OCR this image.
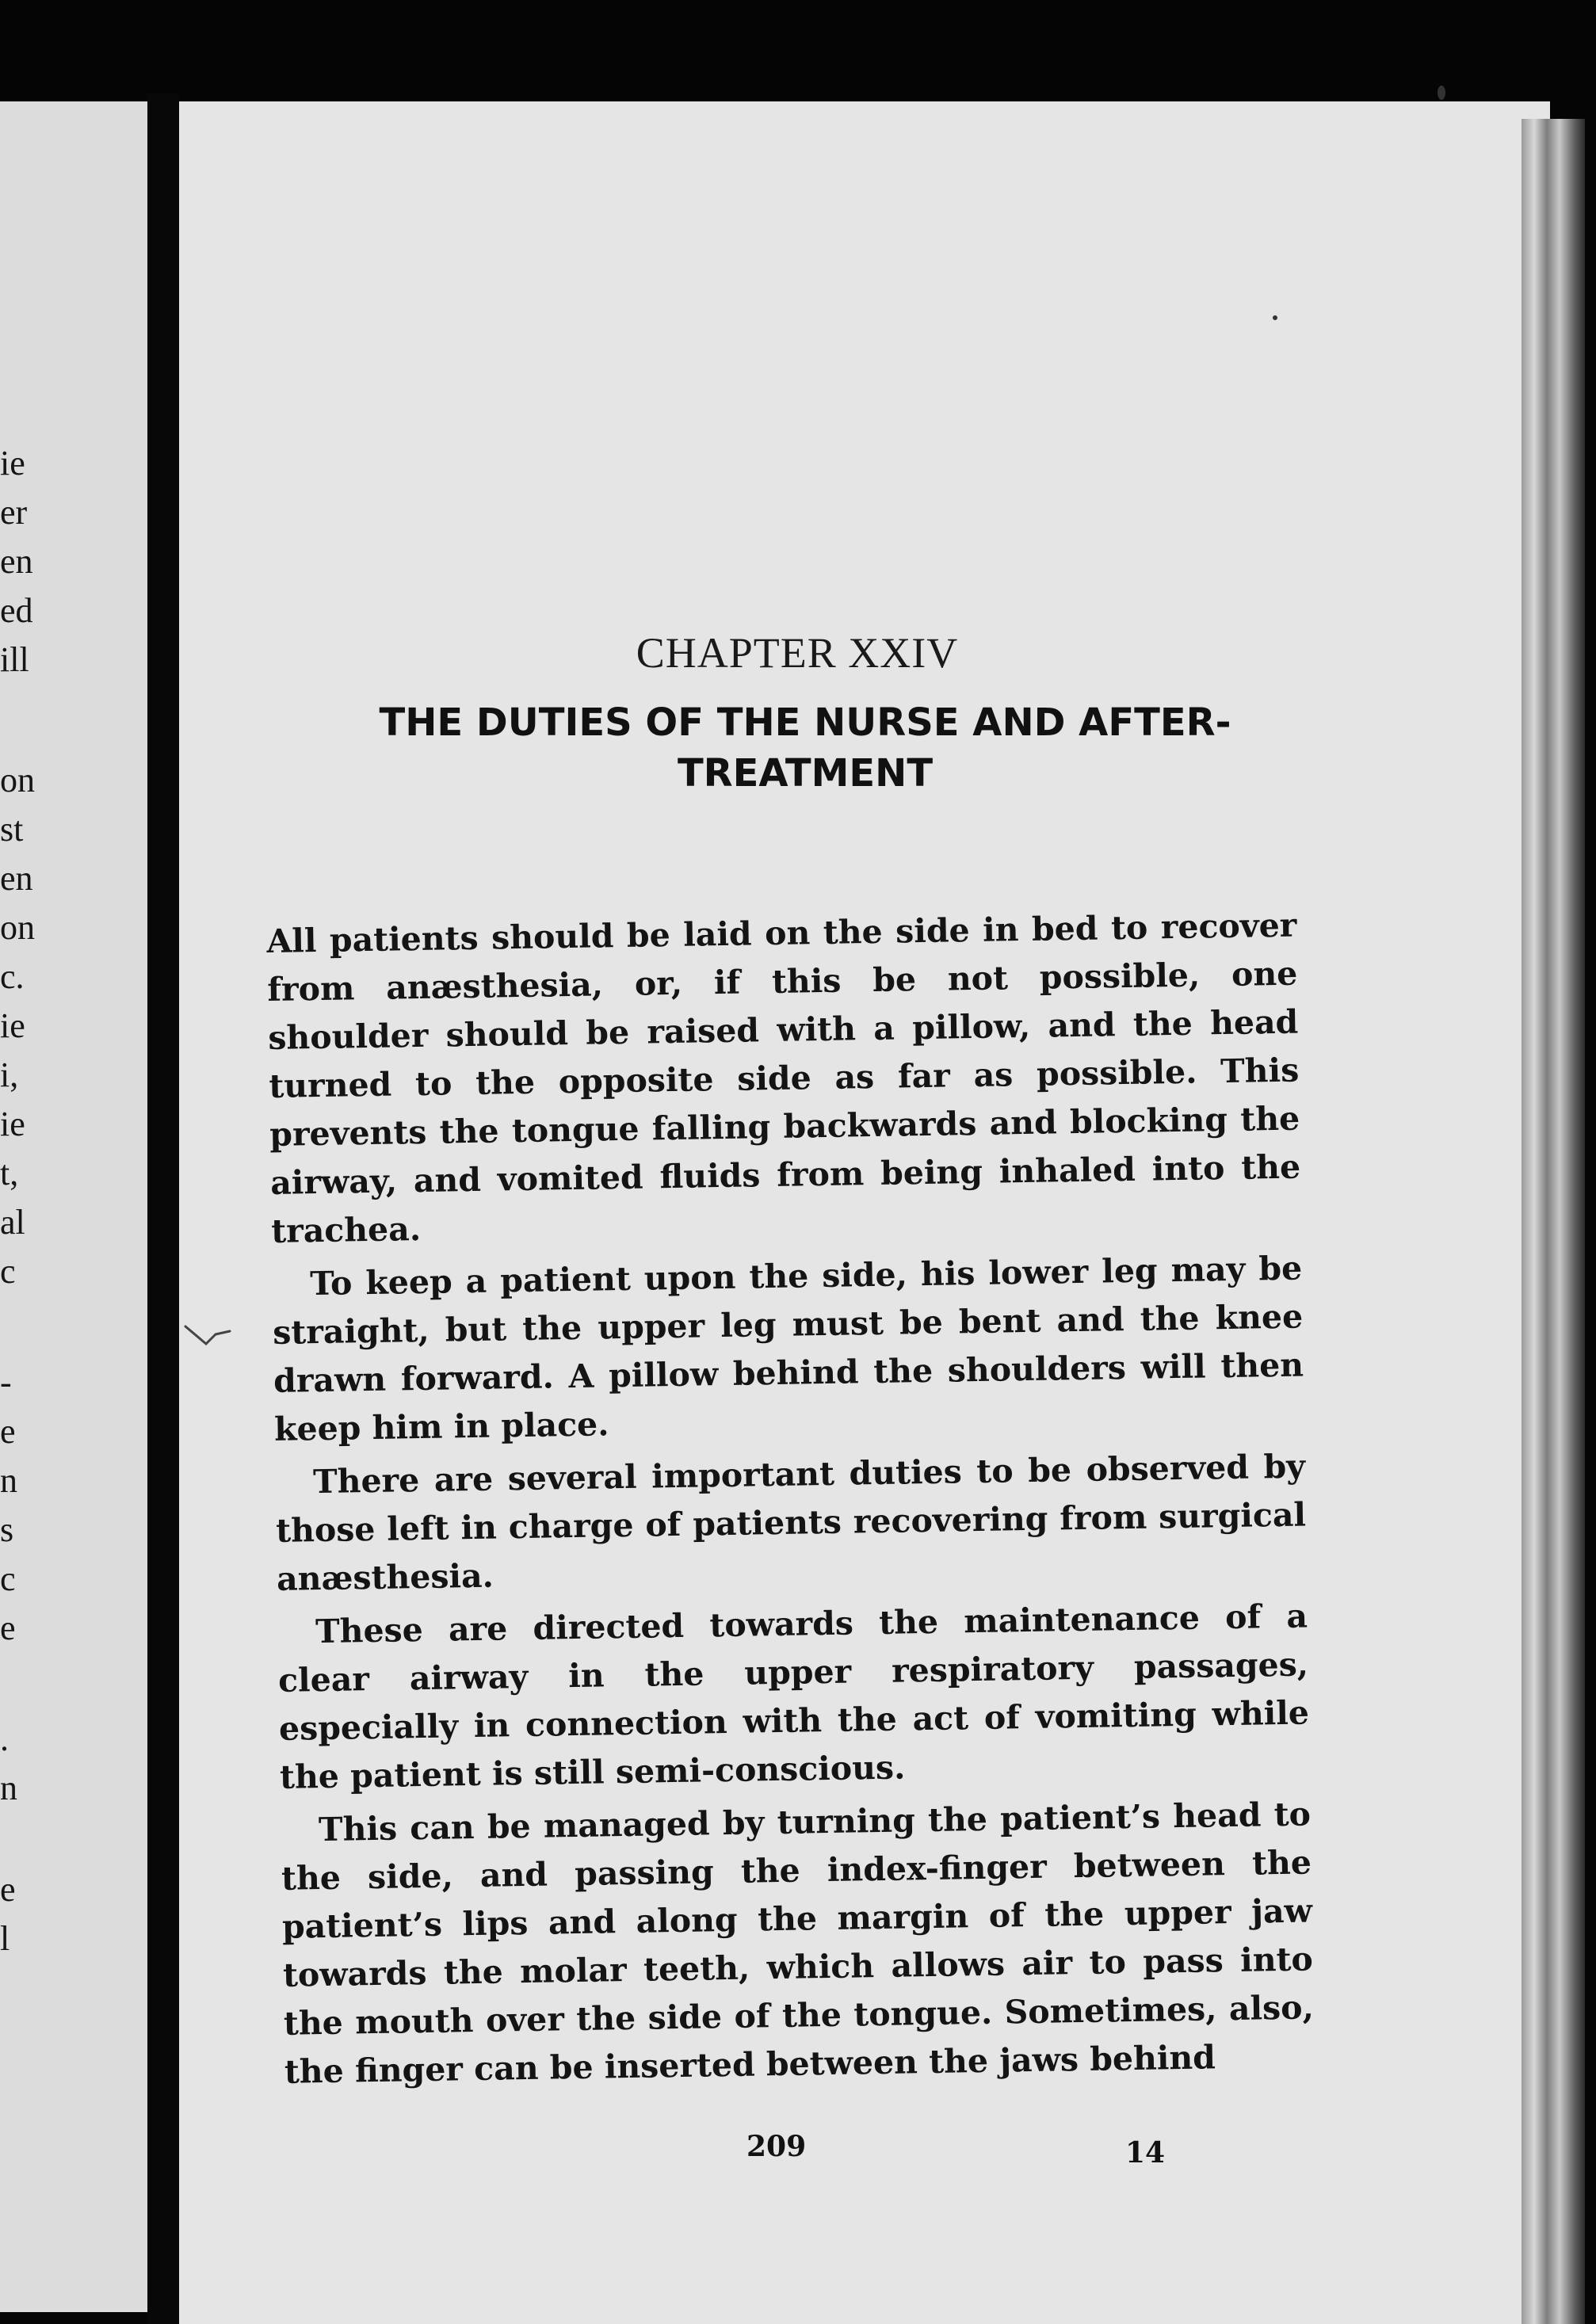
ie
er
en
ed
ill
on
st
en
on
c.
ie
i,
ie
t,
al
c
-
e
n
s
c
e
.
n
e
l
CHAPTER XXIV
THE DUTIES OF THE NURSE AND AFTER-
TREATMENT

All patients should be laid on the side in bed to recover from anæsthesia, or, if this be not possible, one shoulder should be raised with a pillow, and the head turned to the opposite side as far as possible. This prevents the tongue falling backwards and blocking the airway, and vomited fluids from being inhaled into the trachea.

To keep a patient upon the side, his lower leg may be straight, but the upper leg must be bent and the knee drawn forward. A pillow behind the shoulders will then keep him in place.

There are several important duties to be observed by those left in charge of patients recovering from surgical anæsthesia.

These are directed towards the maintenance of a clear airway in the upper respiratory passages, especially in connection with the act of vomiting while the patient is still semi-conscious.

This can be managed by turning the patient’s head to the side, and passing the index-finger between the patient’s lips and along the margin of the upper jaw towards the molar teeth, which allows air to pass into the mouth over the side of the tongue. Sometimes, also, the finger can be inserted between the jaws behind

209	14
